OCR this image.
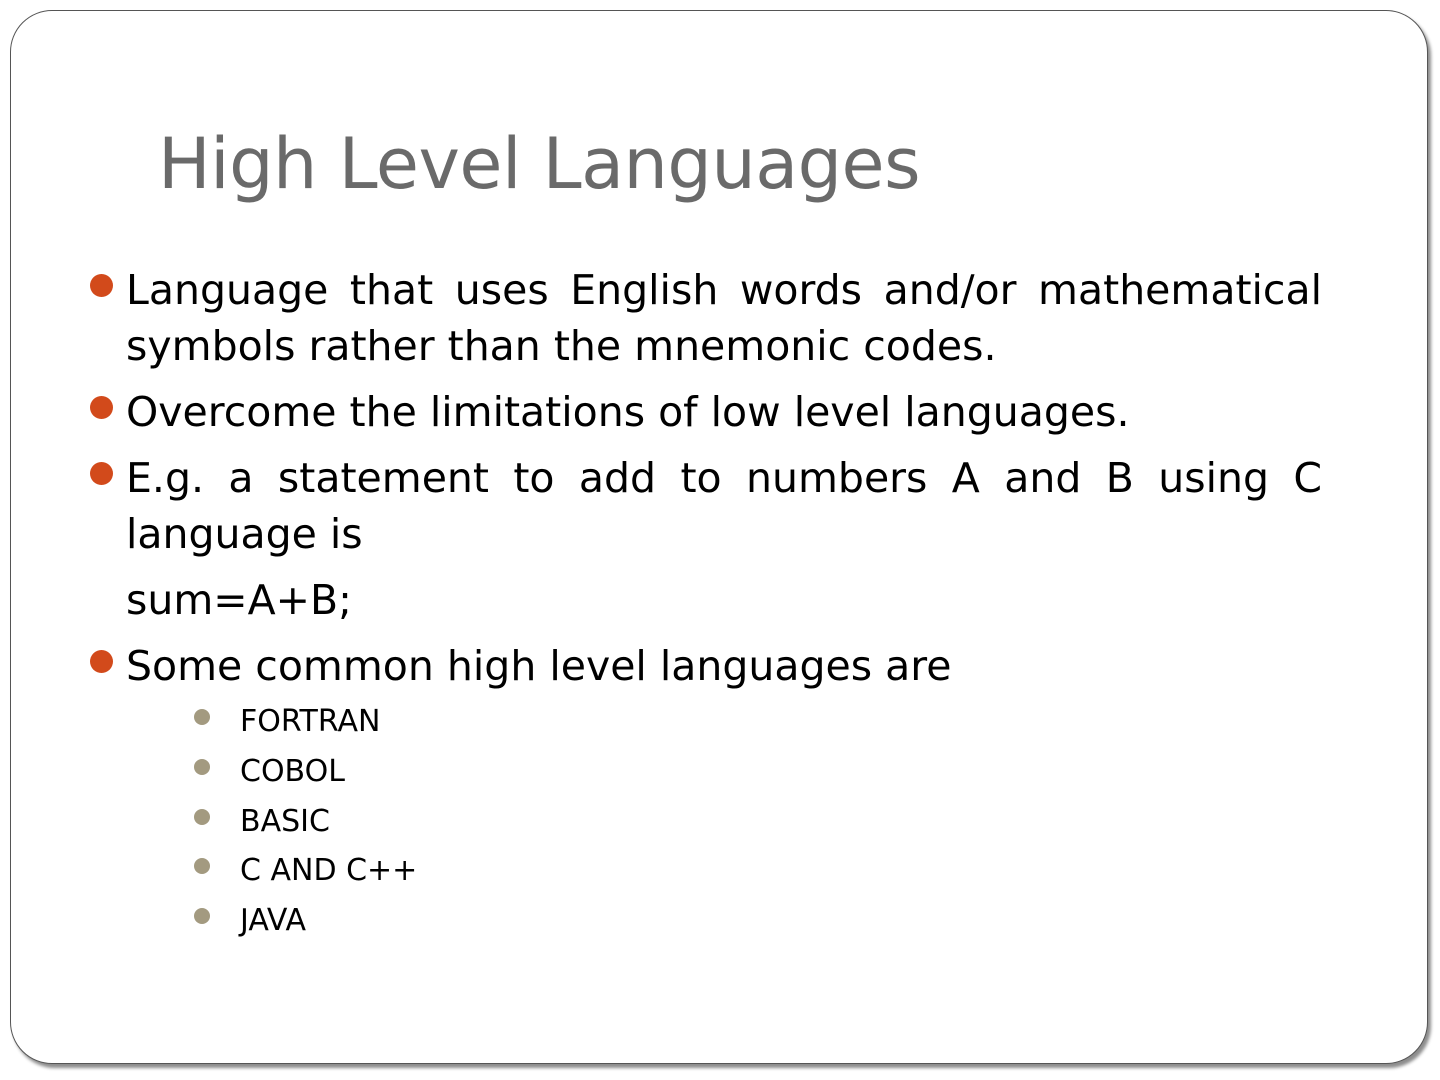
High Level Languages
Language that uses English words and/or mathematical symbols rather than the mnemonic codes.
Overcome the limitations of low level languages.
E.g. a statement to add to numbers A and B using C language is
sum=A+B;
Some common high level languages are
FORTRAN
COBOL
BASIC
C AND C++
JAVA
